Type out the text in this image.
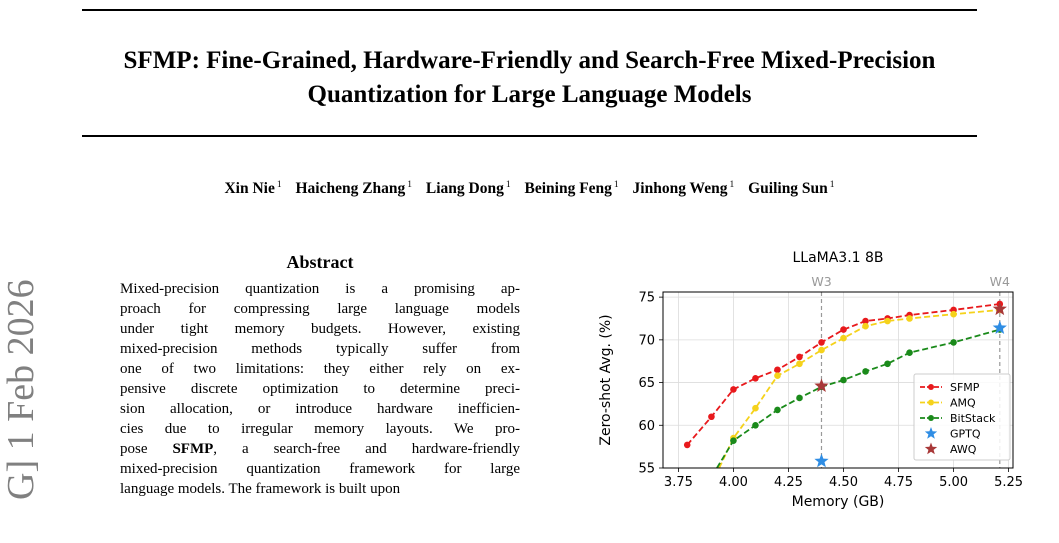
SFMP: Fine-Grained, Hardware-Friendly and Search-Free Mixed-Precision
Quantization for Large Language Models
Xin Nie $^1$ Haicheng Zhang $^1$ Liang Dong $^1$ Beining Feng $^1$ Jinhong Weng $^1$ Guiling Sun $^1$
G] 1 Feb 2026
Abstract
Mixed-precision quantization is a promising ap-
proach for compressing large language models
under tight memory budgets. However, existing
mixed-precision methods typically suffer from
one of two limitations: they either rely on ex-
pensive discrete optimization to determine preci-
sion allocation, or introduce hardware inefficien-
cies due to irregular memory layouts. We pro-
pose SFMP, a search-free and hardware-friendly
mixed-precision quantization framework for large
language models. The framework is built upon	3.75 4.00 4.25 4.50 4.75 5.00 5.25
55
60
65
70
75
W3	W4
LLaMA3.1 8B
Memory (GB)
Zero-shot Avg. (%)	SFMP
AMQ
BitStack
GPTQ
AWQ
